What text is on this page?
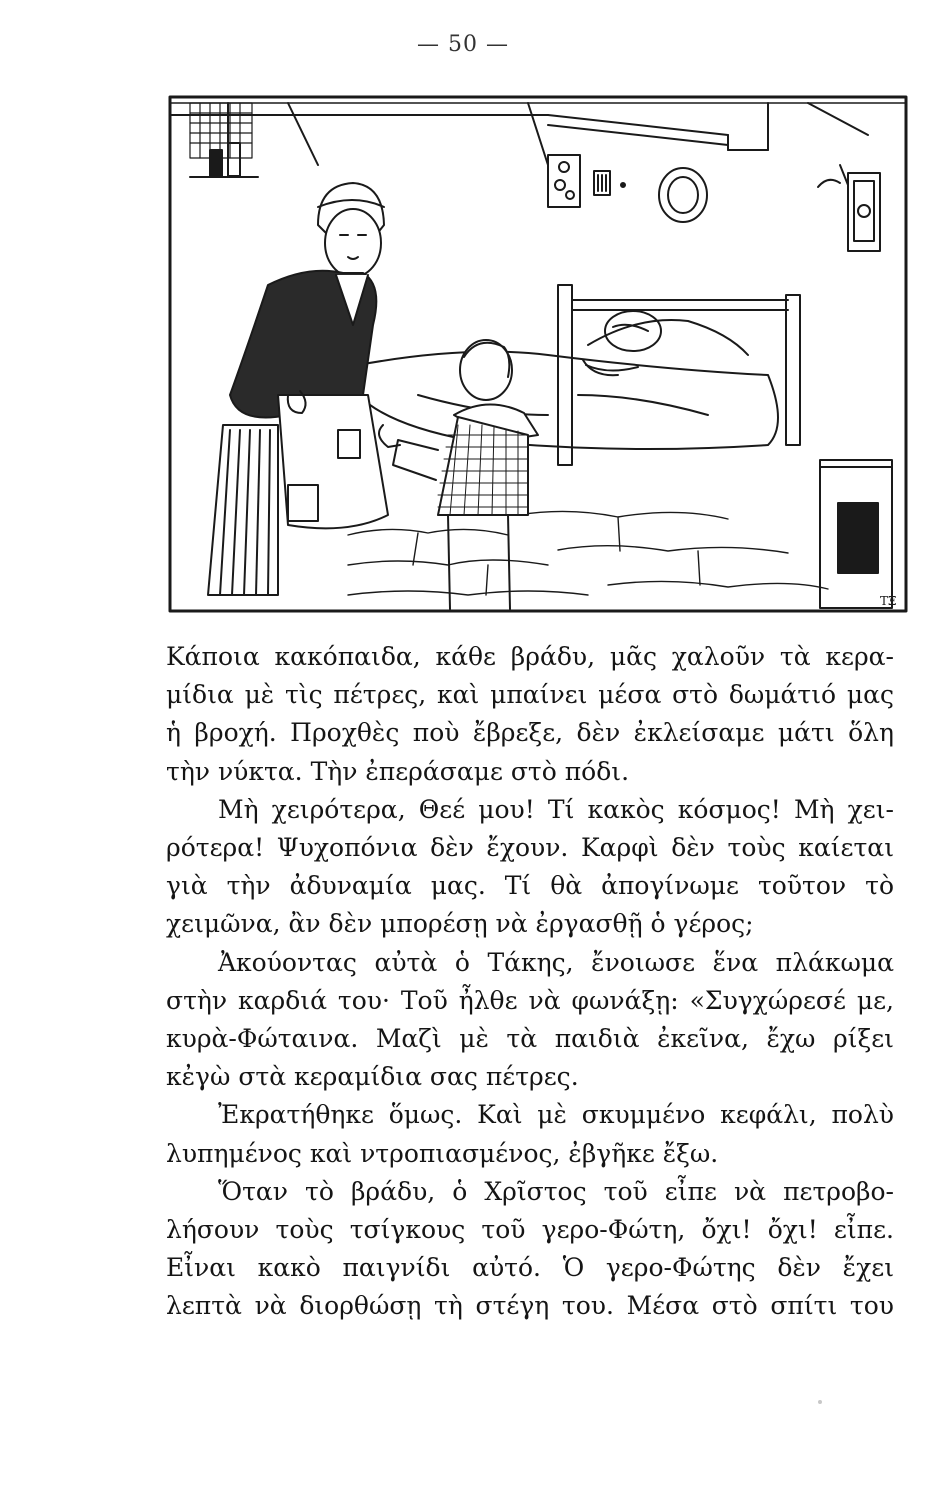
— 50 —
ΤΞ

Κάποια κακόπαιδα, κάθε βράδυ, μᾶς χαλοῦν τὰ κερα-
μίδια μὲ τὶς πέτρες, καὶ μπαίνει μέσα στὸ δωμάτιό μας
ἡ βροχή. Προχθὲς ποὺ ἔβρεξε, δὲν ἐκλείσαμε μάτι ὅλη
τὴν νύκτα. Τὴν ἐπεράσαμε στὸ πόδι.

Μὴ χειρότερα, Θεέ μου! Τί κακὸς κόσμος! Μὴ χει-
ρότερα! Ψυχοπόνια δὲν ἔχουν. Καρφὶ δὲν τοὺς καίεται
γιὰ τὴν ἀδυναμία μας. Τί θὰ ἀπογίνωμε τοῦτον τὸ
χειμῶνα, ἂν δὲν μπορέσῃ νὰ ἐργασθῇ ὁ γέρος;

Ἀκούοντας αὐτὰ ὁ Τάκης, ἔνοιωσε ἕνα πλάκωμα
στὴν καρδιά του· Τοῦ ἦλθε νὰ φωνάξῃ: «Συγχώρεσέ με,
κυρὰ-Φώταινα. Μαζὶ μὲ τὰ παιδιὰ ἐκεῖνα, ἔχω ρίξει
κἐγὼ στὰ κεραμίδια σας πέτρες.

Ἐκρατήθηκε ὅμως. Καὶ μὲ σκυμμένο κεφάλι, πολὺ
λυπημένος καὶ ντροπιασμένος, ἐβγῆκε ἔξω.

Ὅταν τὸ βράδυ, ὁ Χρῖστος τοῦ εἶπε νὰ πετροβο-
λήσουν τοὺς τσίγκους τοῦ γερο-Φώτη, ὄχι! ὄχι! εἶπε.
Εἶναι κακὸ παιγνίδι αὐτό. Ὁ γερο-Φώτης δὲν ἔχει
λεπτὰ νὰ διορθώσῃ τὴ στέγη του. Μέσα στὸ σπίτι του
